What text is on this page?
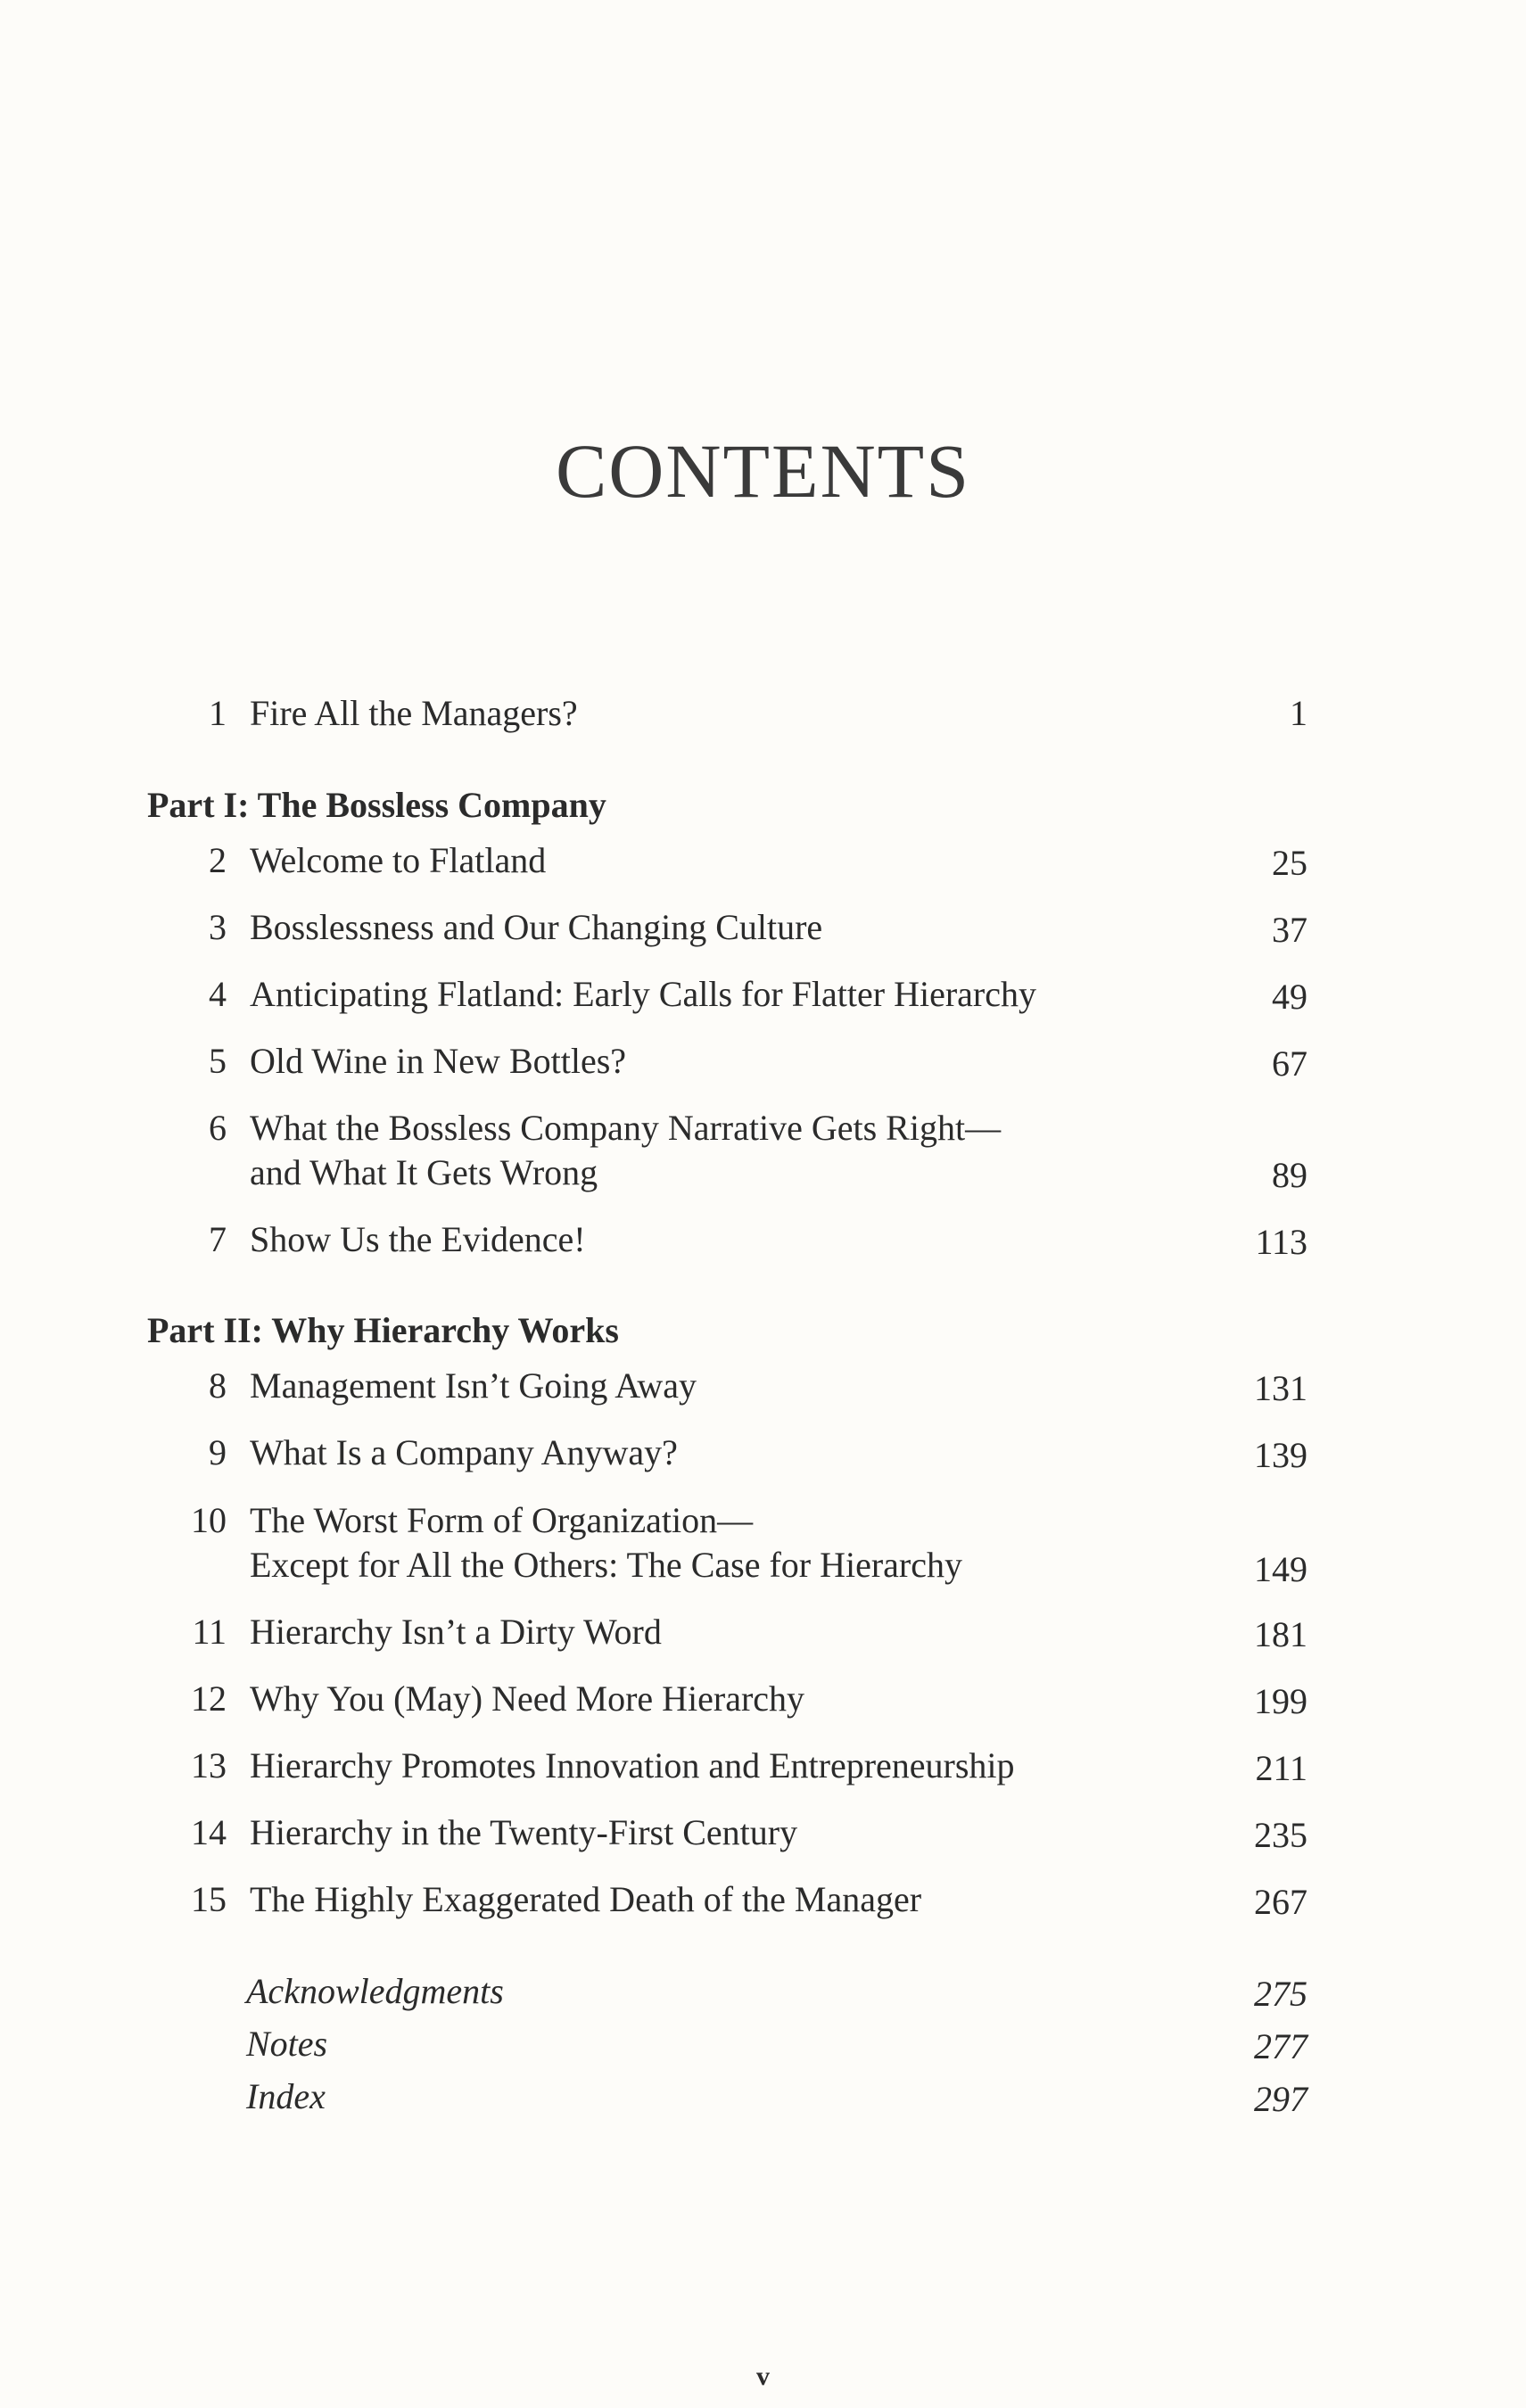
CONTENTS
1 Fire All the Managers?	1
Part I: The Bossless Company
2 Welcome to Flatland	25
3 Bosslessness and Our Changing Culture	37
4 Anticipating Flatland: Early Calls for Flatter Hierarchy	49
5 Old Wine in New Bottles?	67
6 What the Bossless Company Narrative Gets Right—
and What It Gets Wrong	89
7 Show Us the Evidence!	113
Part II: Why Hierarchy Works
8 Management Isn’t Going Away	131
9 What Is a Company Anyway?	139
10 The Worst Form of Organization—
Except for All the Others: The Case for Hierarchy	149
11 Hierarchy Isn’t a Dirty Word	181
12 Why You (May) Need More Hierarchy	199
13 Hierarchy Promotes Innovation and Entrepreneurship	211
14 Hierarchy in the Twenty-First Century	235
15 The Highly Exaggerated Death of the Manager	267
Acknowledgments	275
Notes	277
Index	297
v
